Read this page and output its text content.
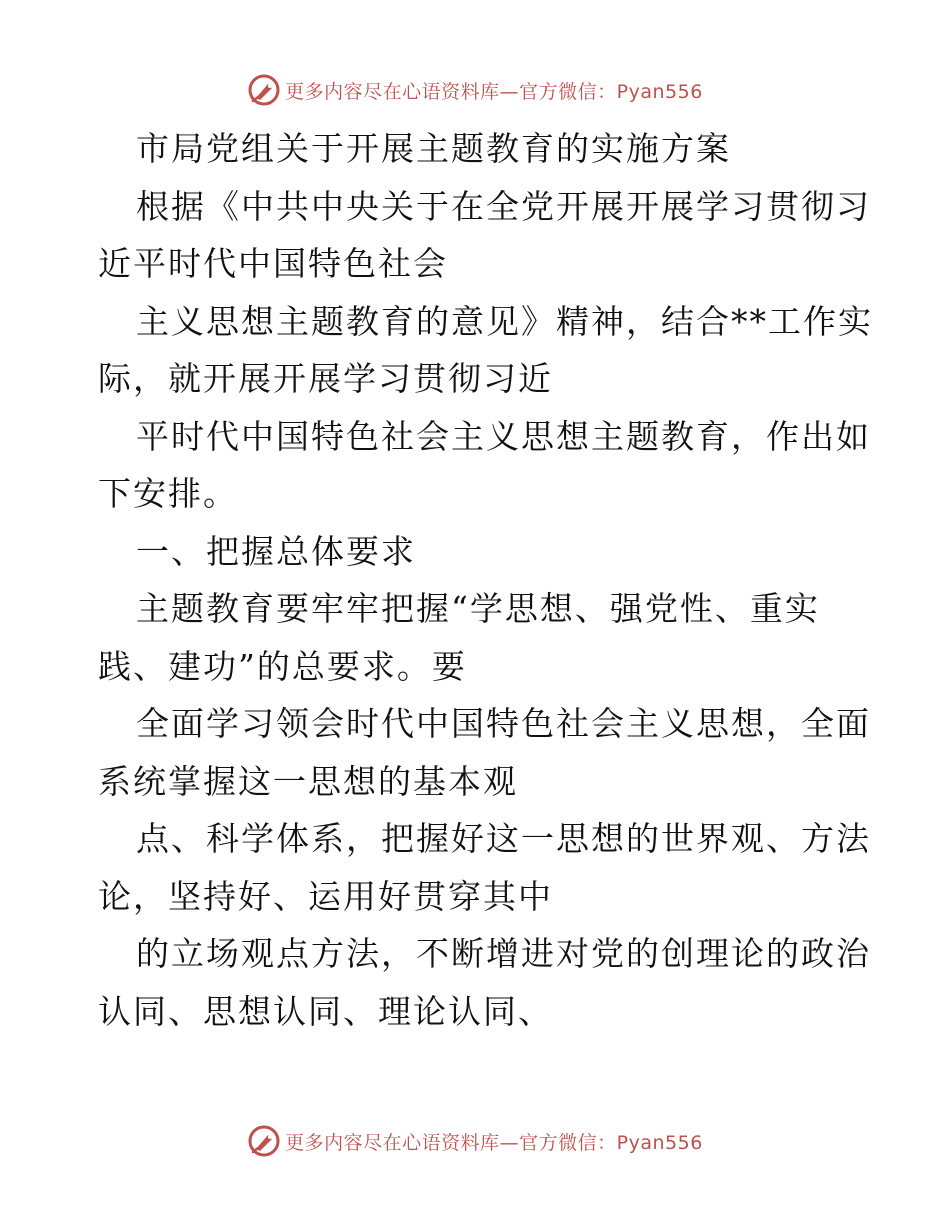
更多内容尽在心语资料库—官方微信：Pyan556
市局党组关于开展主题教育的实施方案
根据《中共中央关于在全党开展开展学习贯彻习
近平时代中国特色社会
主义思想主题教育的意见》精神，结合**工作实
际，就开展开展学习贯彻习近
平时代中国特色社会主义思想主题教育，作出如
下安排。
一、把握总体要求
主题教育要牢牢把握“学思想、强党性、重实
践、建功”的总要求。要
全面学习领会时代中国特色社会主义思想，全面
系统掌握这一思想的基本观
点、科学体系，把握好这一思想的世界观、方法
论，坚持好、运用好贯穿其中
的立场观点方法，不断增进对党的创理论的政治
认同、思想认同、理论认同、
更多内容尽在心语资料库—官方微信：Pyan556
